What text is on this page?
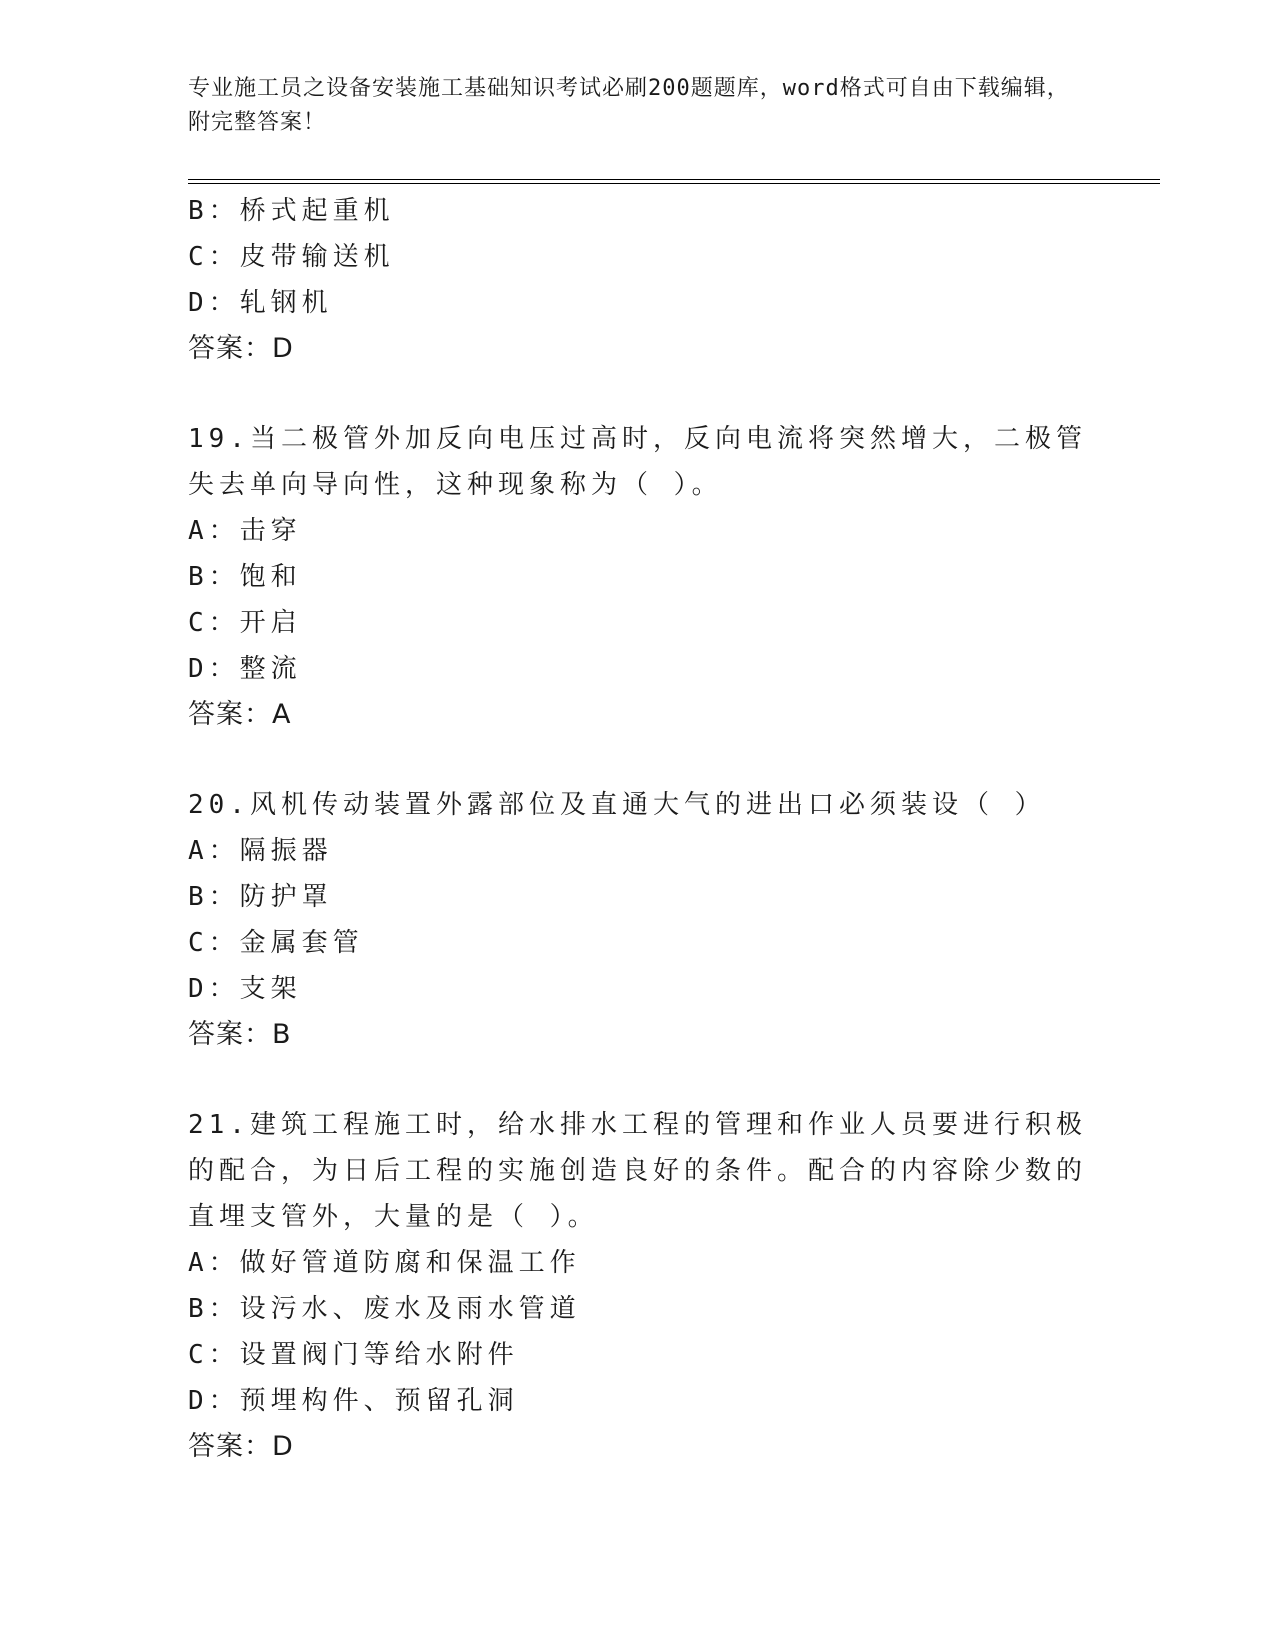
专业施工员之设备安装施工基础知识考试必刷200题题库，word格式可自由下载编辑，附完整答案！
B：桥式起重机
C：皮带输送机
D：轧钢机
答案：D
19.当二极管外加反向电压过高时，反向电流将突然增大，二极管失去单向导向性，这种现象称为（ ）。
A：击穿
B：饱和
C：开启
D：整流
答案：A
20.风机传动装置外露部位及直通大气的进出口必须装设（ ）
A：隔振器
B：防护罩
C：金属套管
D：支架
答案：B
21.建筑工程施工时，给水排水工程的管理和作业人员要进行积极的配合，为日后工程的实施创造良好的条件。配合的内容除少数的直埋支管外，大量的是（ ）。
A：做好管道防腐和保温工作
B：设污水、废水及雨水管道
C：设置阀门等给水附件
D：预埋构件、预留孔洞
答案：D
